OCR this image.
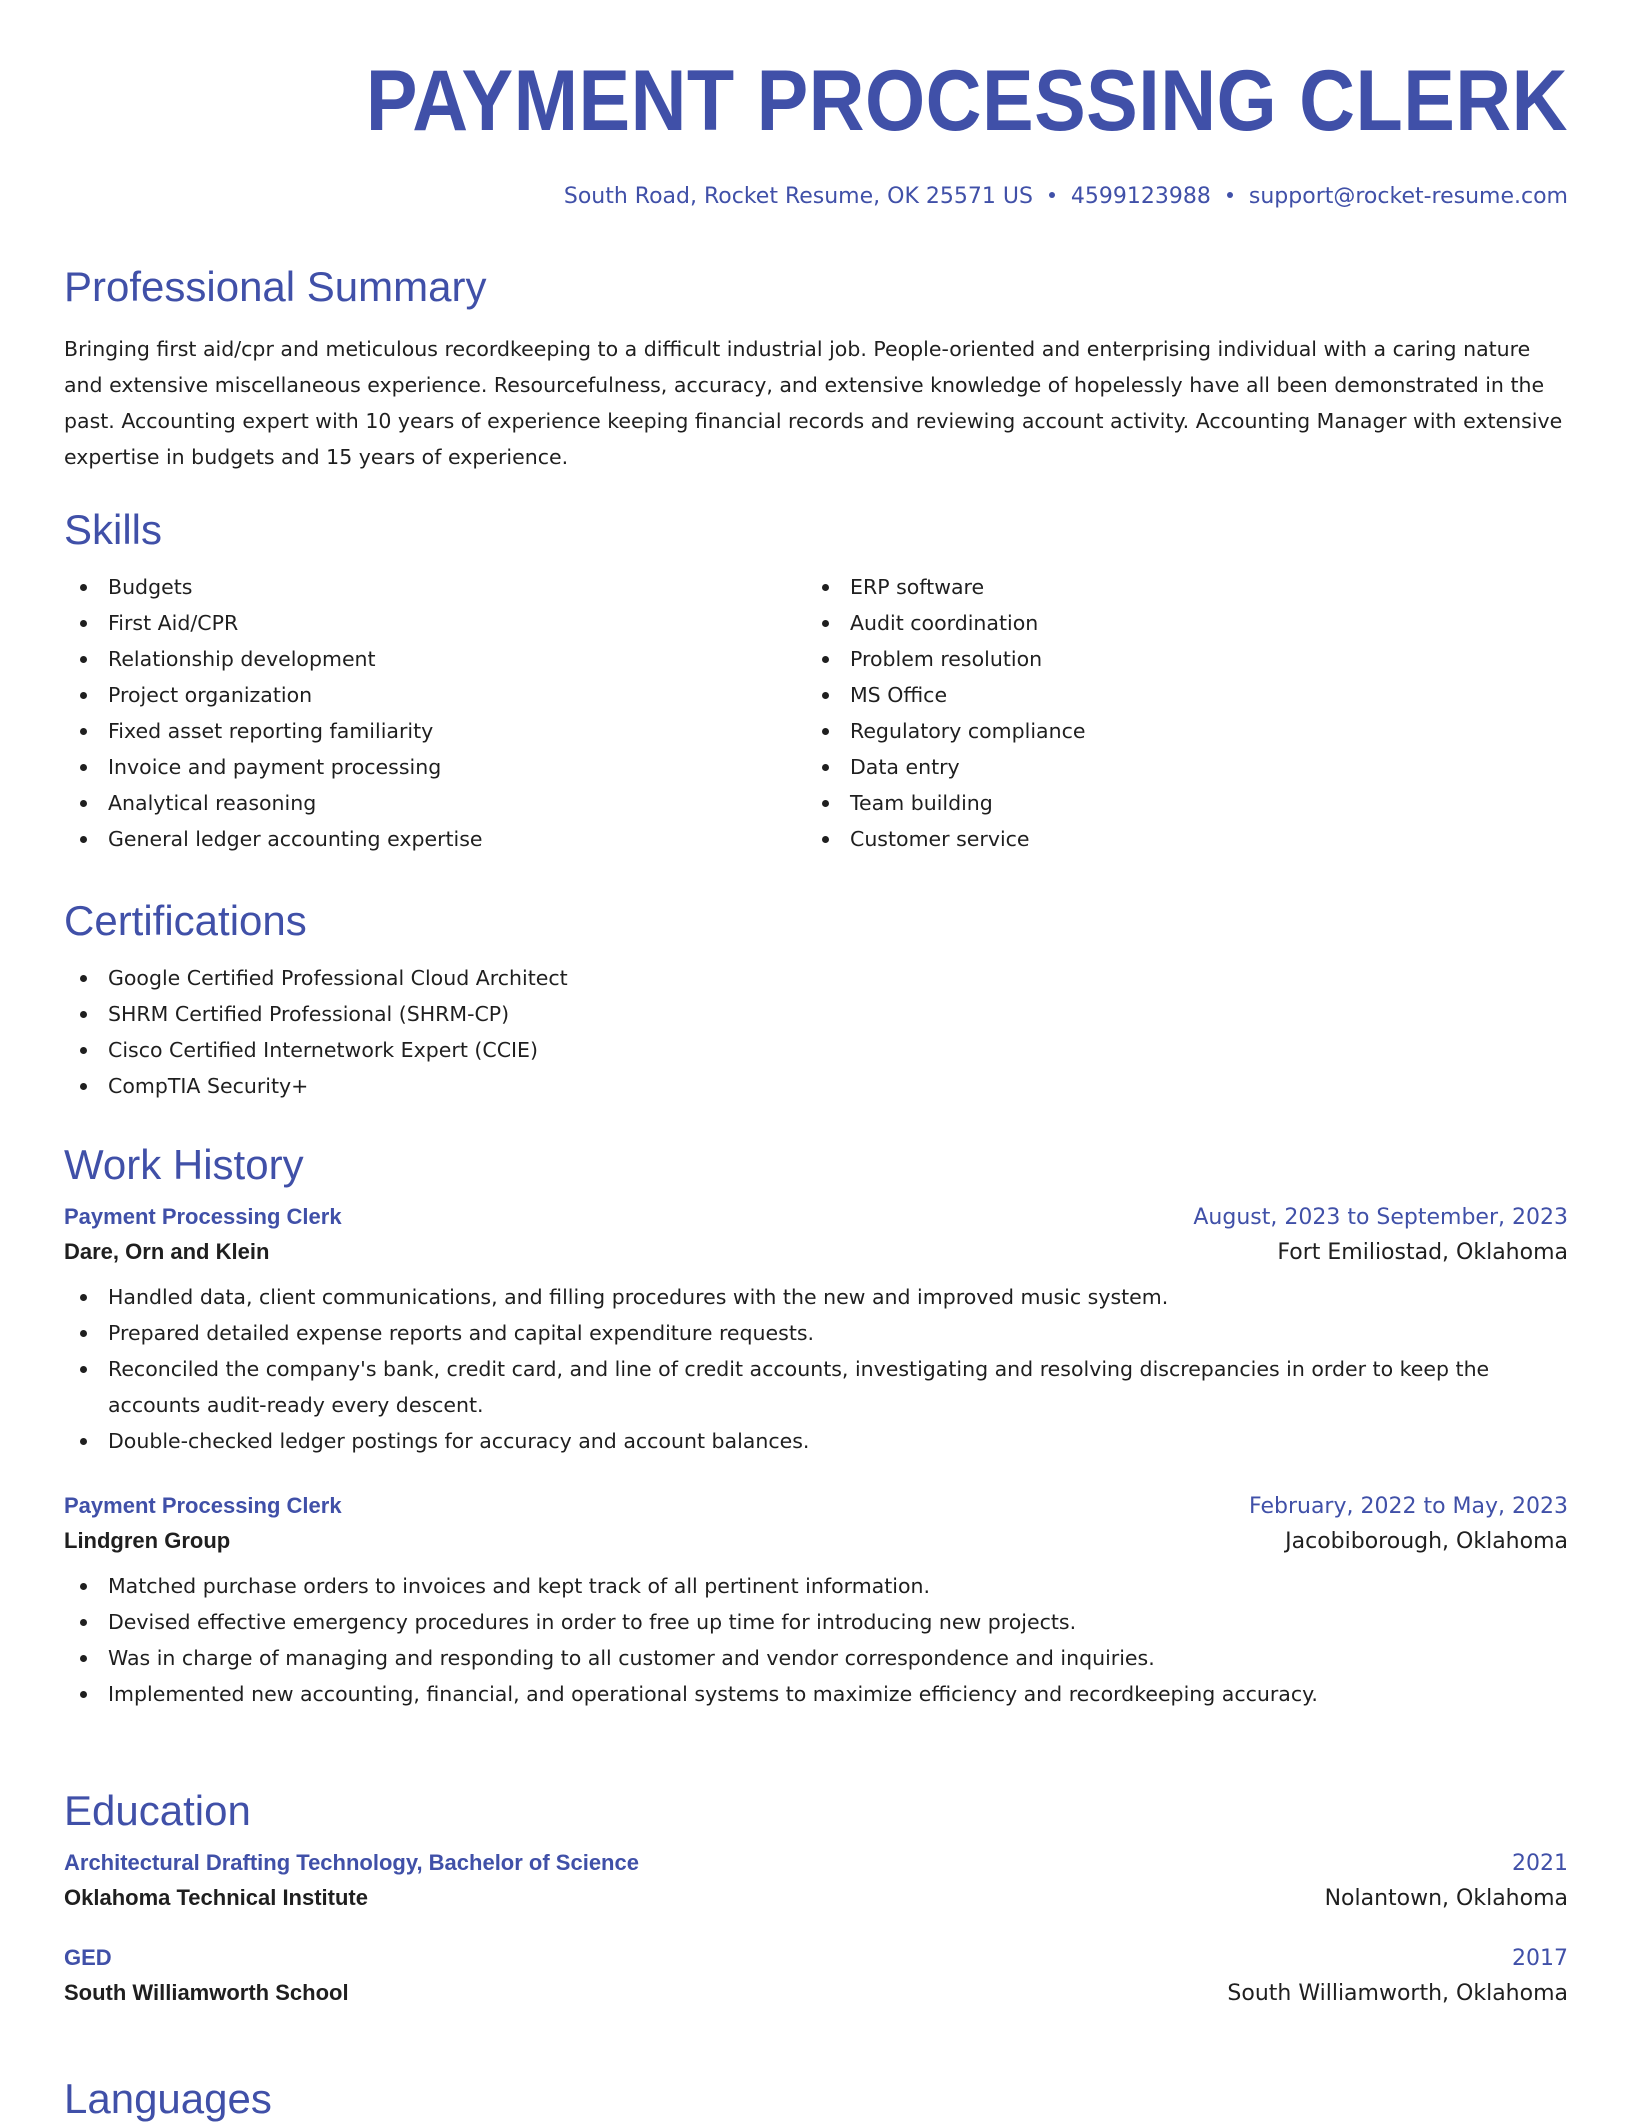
PAYMENT PROCESSING CLERK
South Road, Rocket Resume, OK 25571 US 4599123988 support@rocket-resume.com
Professional Summary

Bringing first aid/cpr and meticulous recordkeeping to a difficult industrial job. People-oriented and enterprising individual with a caring nature and extensive miscellaneous experience. Resourcefulness, accuracy, and extensive knowledge of hopelessly have all been demonstrated in the past. Accounting expert with 10 years of experience keeping financial records and reviewing account activity. Accounting Manager with extensive expertise in budgets and 15 years of experience.

Skills
Budgets
First Aid/CPR
Relationship development
Project organization
Fixed asset reporting familiarity
Invoice and payment processing
Analytical reasoning
General ledger accounting expertise
ERP software
Audit coordination
Problem resolution
MS Office
Regulatory compliance
Data entry
Team building
Customer service
Certifications
Google Certified Professional Cloud Architect
SHRM Certified Professional (SHRM-CP)
Cisco Certified Internetwork Expert (CCIE)
CompTIA Security+
Work History
Payment Processing Clerk	August, 2023 to September, 2023
Dare, Orn and Klein	Fort Emiliostad, Oklahoma
Handled data, client communications, and filling procedures with the new and improved music system.
Prepared detailed expense reports and capital expenditure requests.
Reconciled the company's bank, credit card, and line of credit accounts, investigating and resolving discrepancies in order to keep the accounts audit-ready every descent.
Double-checked ledger postings for accuracy and account balances.
Payment Processing Clerk	February, 2022 to May, 2023
Lindgren Group	Jacobiborough, Oklahoma
Matched purchase orders to invoices and kept track of all pertinent information.
Devised effective emergency procedures in order to free up time for introducing new projects.
Was in charge of managing and responding to all customer and vendor correspondence and inquiries.
Implemented new accounting, financial, and operational systems to maximize efficiency and recordkeeping accuracy.
Education
Architectural Drafting Technology, Bachelor of Science	2021
Oklahoma Technical Institute	Nolantown, Oklahoma
GED	2017
South Williamworth School	South Williamworth, Oklahoma
Languages
